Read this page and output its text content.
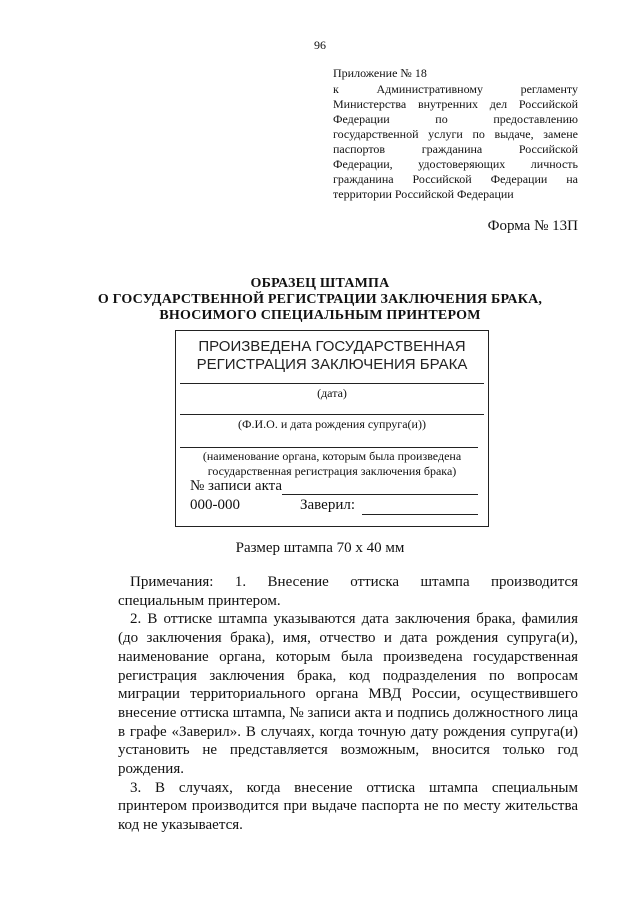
96
Приложение № 18
к Административному регламенту
Министерства внутренних дел Российской
Федерации по предоставлению
государственной услуги по выдаче, замене
паспортов гражданина Российской
Федерации, удостоверяющих личность
гражданина Российской Федерации на
территории Российской Федерации
Форма № 13П
ОБРАЗЕЦ ШТАМПА
О ГОСУДАРСТВЕННОЙ РЕГИСТРАЦИИ ЗАКЛЮЧЕНИЯ БРАКА,
ВНОСИМОГО СПЕЦИАЛЬНЫМ ПРИНТЕРОМ
ПРОИЗВЕДЕНА ГОСУДАРСТВЕННАЯ
РЕГИСТРАЦИЯ ЗАКЛЮЧЕНИЯ БРАКА
(дата)
(Ф.И.О. и дата рождения супруга(и))
(наименование органа, которым была произведена
государственная регистрация заключения брака)
№ записи акта
000-000	Заверил:
Размер штампа 70 х 40 мм

Примечания: 1. Внесение оттиска штампа производится
специальным принтером.

2. В оттиске штампа указываются дата заключения брака, фамилия (до заключения брака), имя, отчество и дата рождения супруга(и), наименование органа, которым была произведена государственная регистрация заключения брака, код подразделения по вопросам миграции территориального органа МВД России, осуществившего внесение оттиска штампа, № записи акта и подпись должностного лица в графе «Заверил». В случаях, когда точную дату рождения супруга(и) установить не представляется возможным, вносится только год рождения.

3. В случаях, когда внесение оттиска штампа специальным принтером производится при выдаче паспорта не по месту жительства код не указывается.
